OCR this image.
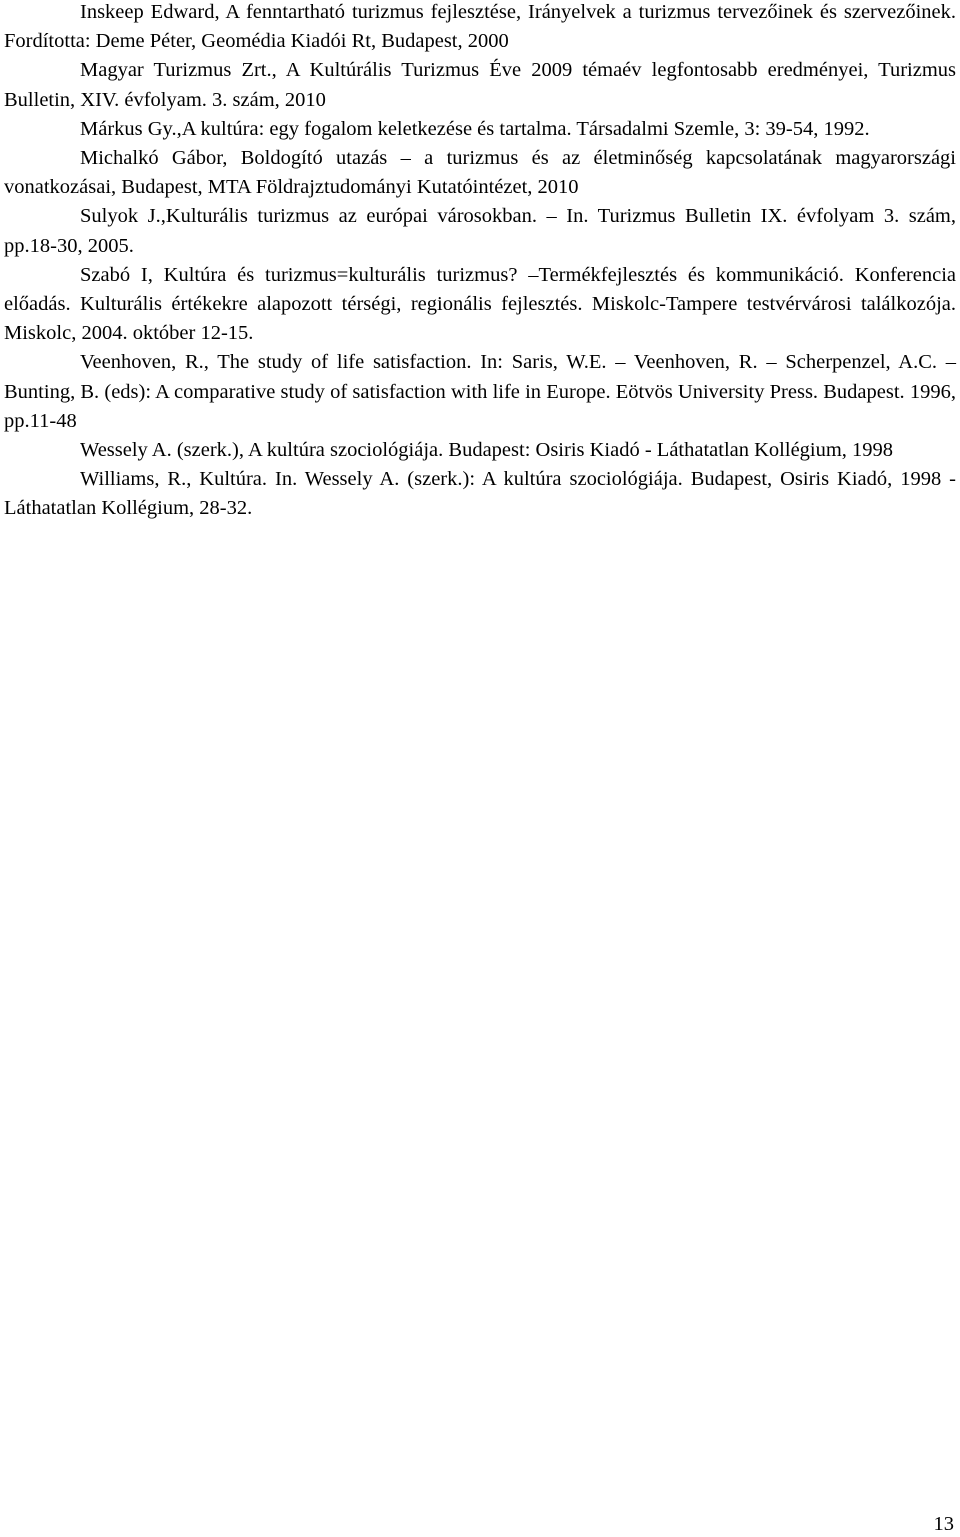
Inskeep Edward, A fenntartható turizmus fejlesztése, Irányelvek a turizmus tervezőinek és szervezőinek. Fordította: Deme Péter, Geomédia Kiadói Rt, Budapest, 2000

Magyar Turizmus Zrt., A Kultúrális Turizmus Éve 2009 témaév legfontosabb eredményei, Turizmus Bulletin, XIV. évfolyam. 3. szám, 2010

Márkus Gy.,A kultúra: egy fogalom keletkezése és tartalma. Társadalmi Szemle, 3: 39-54, 1992.

Michalkó Gábor, Boldogító utazás – a turizmus és az életminőség kapcsolatának magyarországi vonatkozásai, Budapest, MTA Földrajztudományi Kutatóintézet, 2010

Sulyok J.,Kulturális turizmus az európai városokban. – In. Turizmus Bulletin IX. évfolyam 3. szám, pp.18-30, 2005.

Szabó I, Kultúra és turizmus=kulturális turizmus? –Termékfejlesztés és kommunikáció. Konferencia előadás. Kulturális értékekre alapozott térségi, regionális fejlesztés. Miskolc-Tampere testvérvárosi találkozója. Miskolc, 2004. október 12-15.

Veenhoven, R., The study of life satisfaction. In: Saris, W.E. – Veenhoven, R. – Scherpenzel, A.C. – Bunting, B. (eds): A comparative study of satisfaction with life in Europe. Eötvös University Press. Budapest. 1996, pp.11-48

Wessely A. (szerk.), A kultúra szociológiája. Budapest: Osiris Kiadó - Láthatatlan Kollégium, 1998

Williams, R., Kultúra. In. Wessely A. (szerk.): A kultúra szociológiája. Budapest, Osiris Kiadó, 1998 - Láthatatlan Kollégium, 28-32.

13
